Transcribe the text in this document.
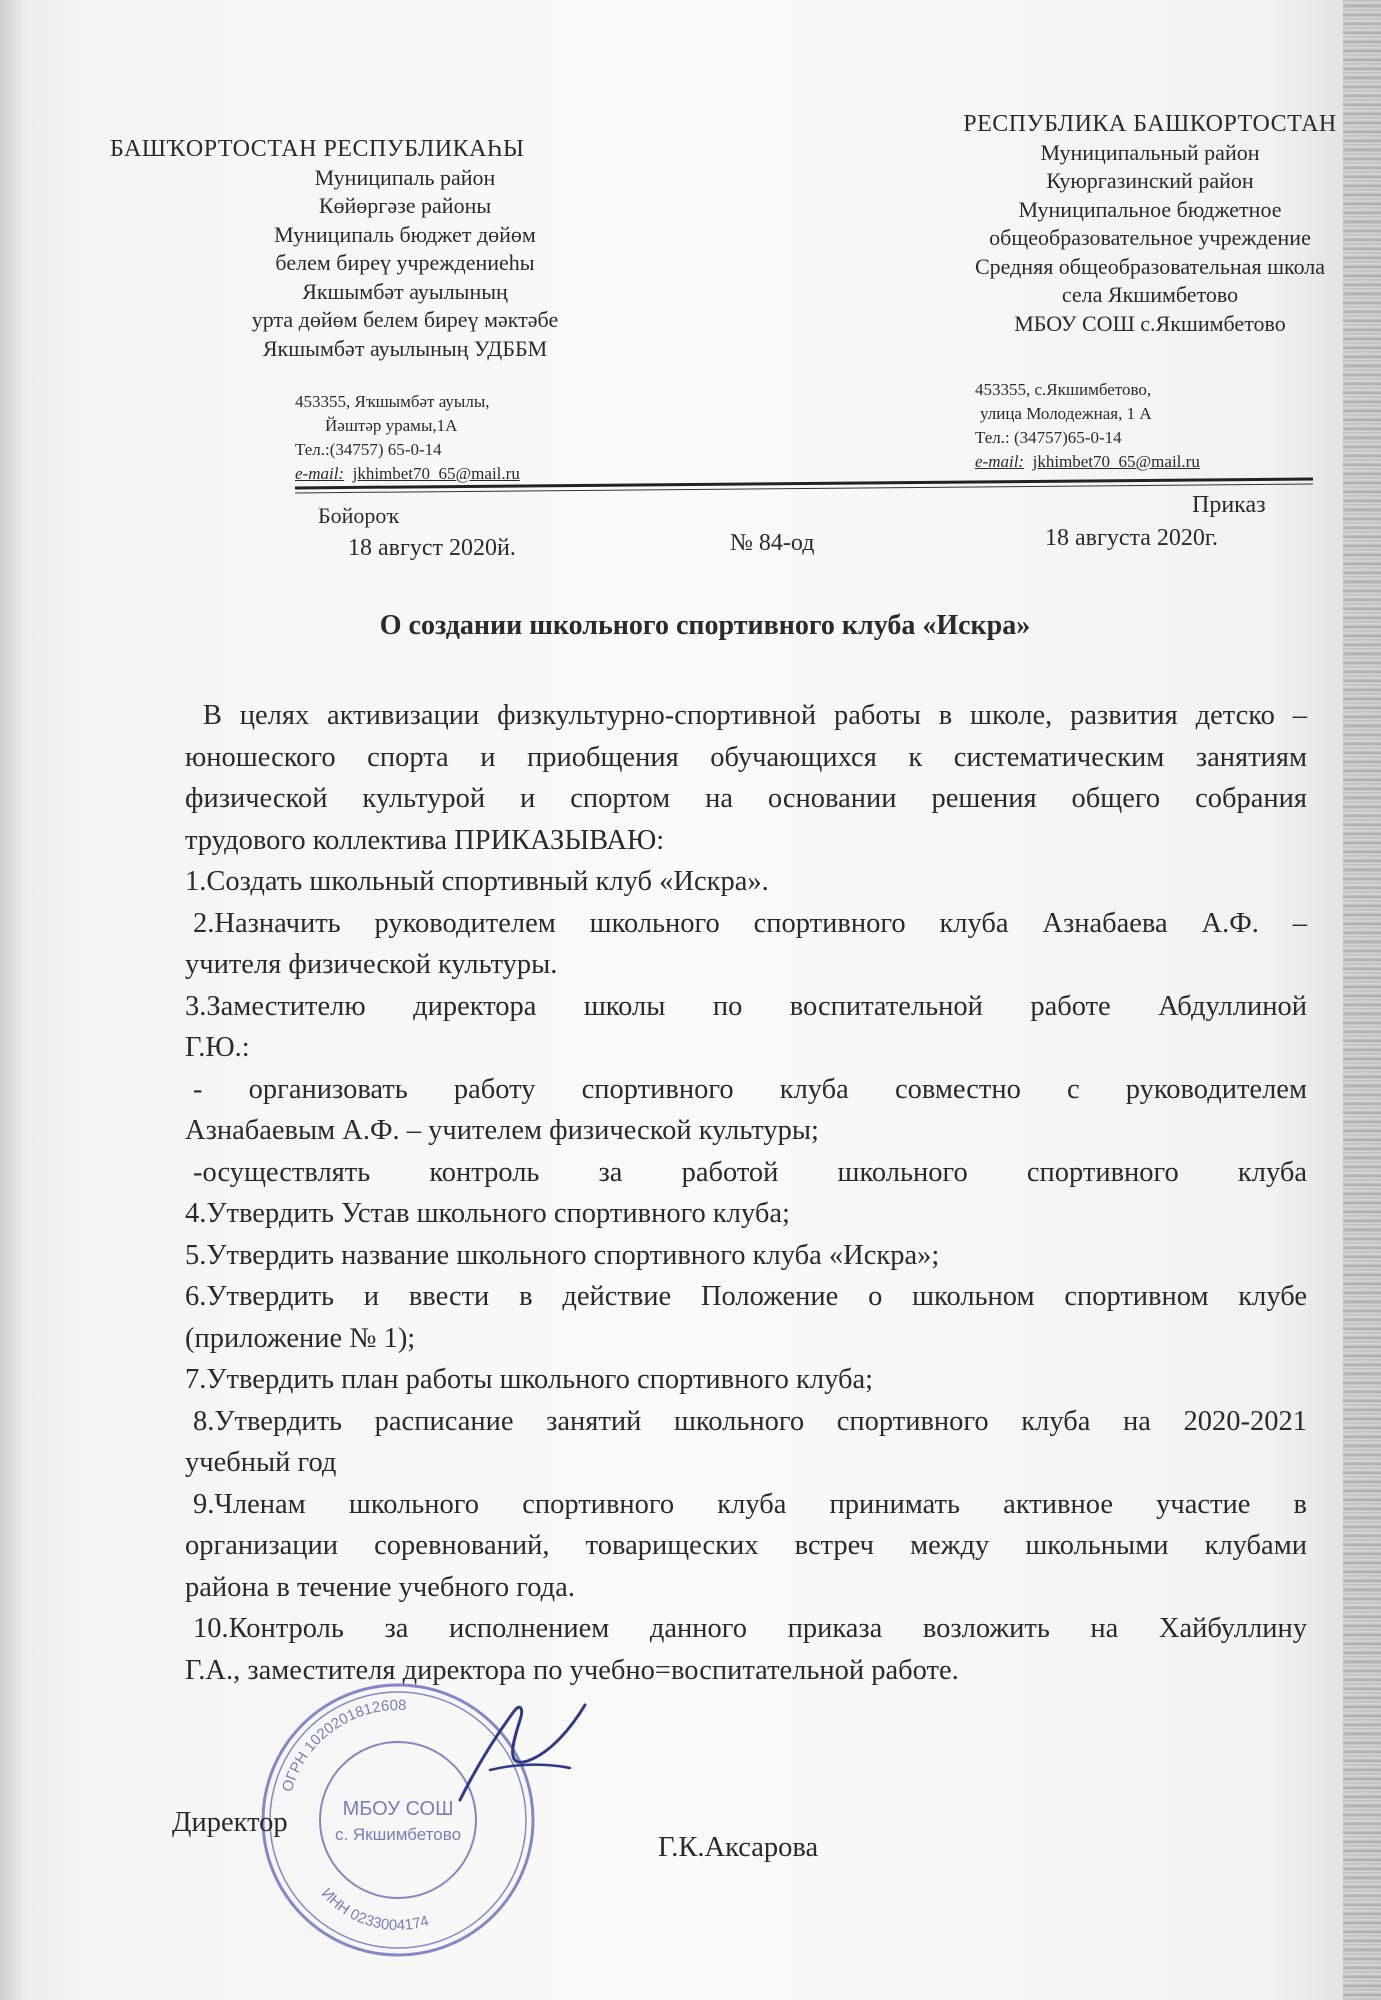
БАШҠОРТОСТАН РЕСПУБЛИКАҺЫ
Муниципаль район
Көйөргәзе районы
Муниципаль бюджет дөйөм
белем биреү учреждениеһы
Якшымбәт ауылының
урта дөйөм белем биреү мәктәбе
Якшымбәт ауылының УДББМ
РЕСПУБЛИКА БАШКОРТОСТАН
Муниципальный район
Куюргазинский район
Муниципальное бюджетное
общеобразовательное учреждение
Средняя общеобразовательная школа
села Якшимбетово
МБОУ СОШ с.Якшимбетово
453355, Яҡшымбәт ауылы,
Йәштәр урамы,1А
Тел.:(34757) 65-0-14
e-mail: jkhimbet70_65@mail.ru
453355, с.Якшимбетово,
улица Молодежная, 1 А
Тел.: (34757)65-0-14
e-mail: jkhimbet70_65@mail.ru
Бойороҡ
18 август 2020й.	№ 84-од
Приказ
18 августа 2020г.
О создании школьного спортивного клуба «Искра»

В целях активизации физкультурно-спортивной работы в школе, развития детско –

юношеского спорта и приобщения обучающихся к систематическим занятиям

физической культурой и спортом на основании решения общего собрания

трудового коллектива ПРИКАЗЫВАЮ:

1.Создать школьный спортивный клуб «Искра».

2.Назначить руководителем школьного спортивного клуба Азнабаева А.Ф. –

учителя физической культуры.

3.Заместителю директора школы по воспитательной работе Абдуллиной

Г.Ю.:

- организовать работу спортивного клуба совместно с руководителем

Азнабаевым А.Ф. – учителем физической культуры;

-осуществлять контроль за работой школьного спортивного клуба

4.Утвердить Устав школьного спортивного клуба;

5.Утвердить название школьного спортивного клуба «Искра»;

6.Утвердить и ввести в действие Положение о школьном спортивном клубе

(приложение № 1);

7.Утвердить план работы школьного спортивного клуба;

8.Утвердить расписание занятий школьного спортивного клуба на 2020-2021

учебный год

9.Членам школьного спортивного клуба принимать активное участие в

организации соревнований, товарищеских встреч между школьными клубами

района в течение учебного года.

10.Контроль за исполнением данного приказа возложить на Хайбуллину

Г.А., заместителя директора по учебно=воспитательной работе.

ОГРН 1020201812608
ИНН 0233004174
МБОУ СОШ
с. Якшимбетово
Директор
Г.К.Аксарова
